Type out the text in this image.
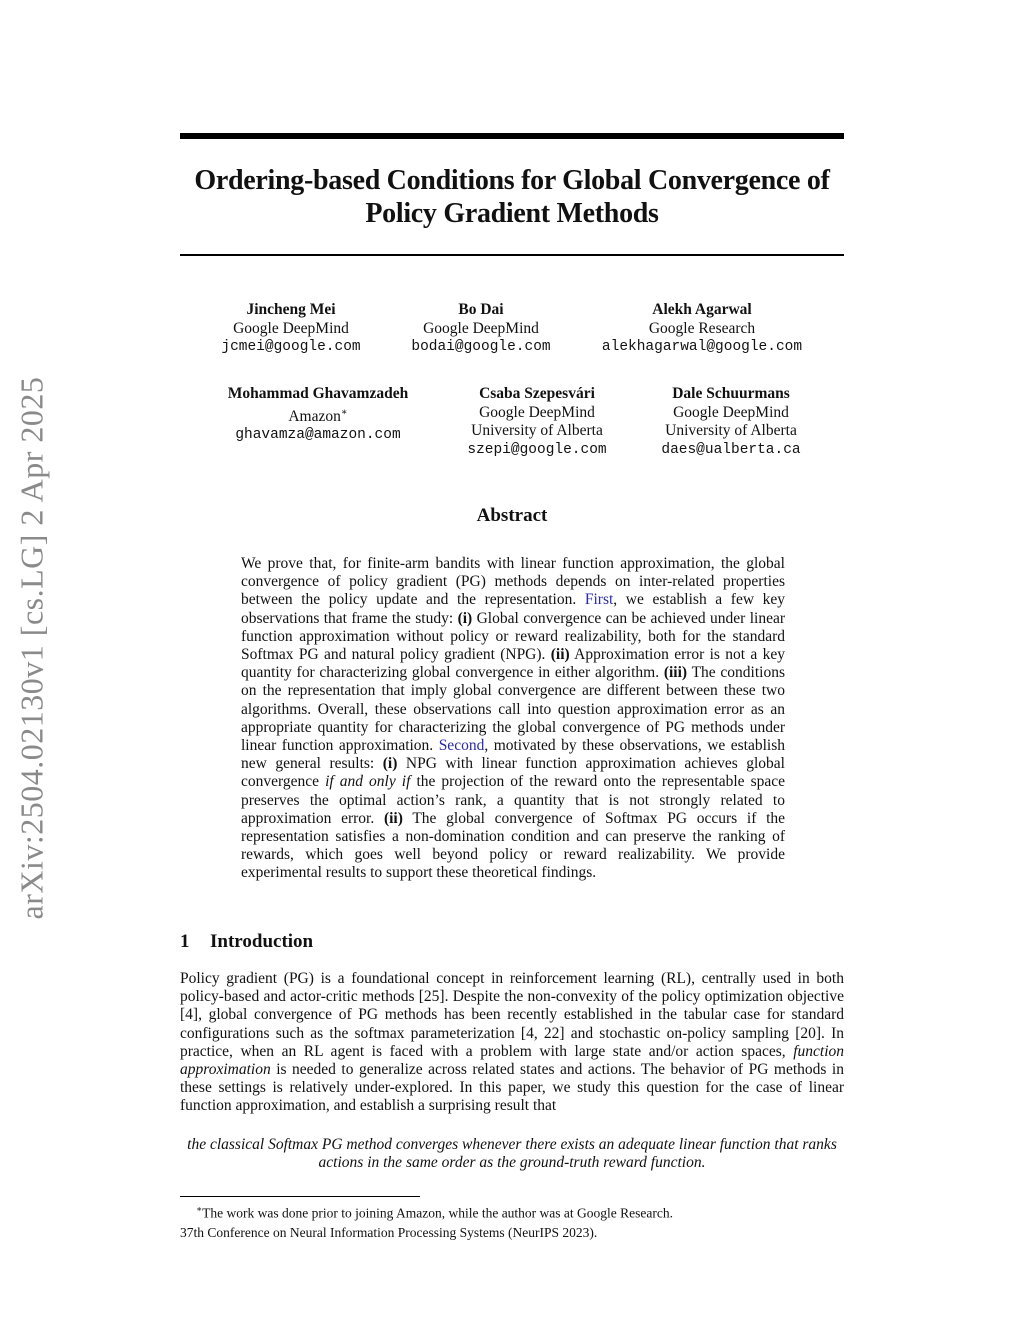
arXiv:2504.02130v1 [cs.LG] 2 Apr 2025
Ordering-based Conditions for Global Convergence of
Policy Gradient Methods
Jincheng Mei
Google DeepMind
jcmei@google.com
Bo Dai
Google DeepMind
bodai@google.com
Alekh Agarwal
Google Research
alekhagarwal@google.com
Mohammad Ghavamzadeh
Amazon∗
ghavamza@amazon.com
Csaba Szepesvári
Google DeepMind
University of Alberta
szepi@google.com
Dale Schuurmans
Google DeepMind
University of Alberta
daes@ualberta.ca
Abstract
We prove that, for finite-arm bandits with linear function approximation, the global convergence of policy gradient (PG) methods depends on inter-related properties between the policy update and the representation. First, we establish a few key observations that frame the study: (i) Global convergence can be achieved under linear function approximation without policy or reward realizability, both for the standard Softmax PG and natural policy gradient (NPG). (ii) Approximation error is not a key quantity for characterizing global convergence in either algorithm. (iii) The conditions on the representation that imply global convergence are different between these two algorithms. Overall, these observations call into question approximation error as an appropriate quantity for characterizing the global convergence of PG methods under linear function approximation. Second, motivated by these observations, we establish new general results: (i) NPG with linear function approximation achieves global convergence if and only if the projection of the reward onto the representable space preserves the optimal action’s rank, a quantity that is not strongly related to approximation error. (ii) The global convergence of Softmax PG occurs if the representation satisfies a non-domination condition and can preserve the ranking of rewards, which goes well beyond policy or reward realizability. We provide experimental results to support these theoretical findings.
1 Introduction
Policy gradient (PG) is a foundational concept in reinforcement learning (RL), centrally used in both policy-based and actor-critic methods [25]. Despite the non-convexity of the policy optimization objective [4], global convergence of PG methods has been recently established in the tabular case for standard configurations such as the softmax parameterization [4, 22] and stochastic on-policy sampling [20]. In practice, when an RL agent is faced with a problem with large state and/or action spaces, function approximation is needed to generalize across related states and actions. The behavior of PG methods in these settings is relatively under-explored. In this paper, we study this question for the case of linear function approximation, and establish a surprising result that
the classical Softmax PG method converges whenever there exists an adequate linear function that ranks actions in the same order as the ground-truth reward function.
∗The work was done prior to joining Amazon, while the author was at Google Research.
37th Conference on Neural Information Processing Systems (NeurIPS 2023).
